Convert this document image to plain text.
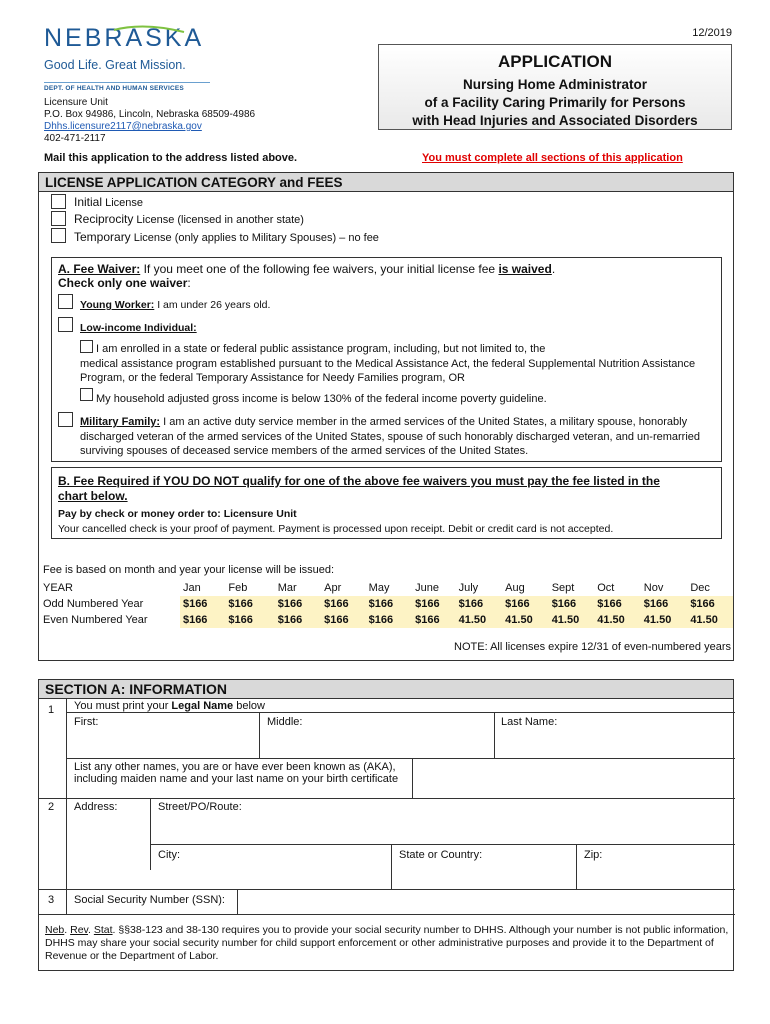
NEBRASKA
Good Life. Great Mission.
DEPT. OF HEALTH AND HUMAN SERVICES
Licensure Unit
P.O. Box 94986, Lincoln, Nebraska 68509-4986
Dhhs.licensure2117@nebraska.gov
402-471-2117
Mail this application to the address listed above.
12/2019
APPLICATION
Nursing Home Administrator
of a Facility Caring Primarily for Persons
with Head Injuries and Associated Disorders
You must complete all sections of this application
LICENSE APPLICATION CATEGORY and FEES
Initial License
Reciprocity License (licensed in another state)
Temporary License (only applies to Military Spouses) – no fee
A. Fee Waiver: If you meet one of the following fee waivers, your initial license fee is waived.
Check only one waiver:
Young Worker: I am under 26 years old.
Low-income Individual:
I am enrolled in a state or federal public assistance program, including, but not limited to, the
medical assistance program established pursuant to the Medical Assistance Act, the federal Supplemental Nutrition Assistance
Program, or the federal Temporary Assistance for Needy Families program, OR
My household adjusted gross income is below 130% of the federal income poverty guideline.
Military Family: I am an active duty service member in the armed services of the United States, a military spouse, honorably
discharged veteran of the armed services of the United States, spouse of such honorably discharged veteran, and un-remarried
surviving spouses of deceased service members of the armed services of the United States.
B. Fee Required if YOU DO NOT qualify for one of the above fee waivers you must pay the fee listed in the
chart below.
Pay by check or money order to: Licensure Unit
Your cancelled check is your proof of payment. Payment is processed upon receipt. Debit or credit card is not accepted.
Fee is based on month and year your license will be issued:
YEAR	Jan	Feb	Mar	Apr	May	June	July	Aug	Sept	Oct	Nov	Dec
Odd Numbered Year	$166	$166	$166	$166	$166	$166	$166	$166	$166	$166	$166	$166
Even Numbered Year	$166	$166	$166	$166	$166	$166	41.50	41.50	41.50	41.50	41.50	41.50
NOTE: All licenses expire 12/31 of even-numbered years
SECTION A: INFORMATION
1 You must print your Legal Name below
First:	Middle:	Last Name:
List any other names, you are or have ever been known as (AKA), including maiden name and your last name on your birth certificate
2 Address:	Street/PO/Route:
City:	State or Country:	Zip:
3 Social Security Number (SSN):
Neb. Rev. Stat. §§38-123 and 38-130 requires you to provide your social security number to DHHS. Although your number is not public information, DHHS may share your social security number for child support enforcement or other administrative purposes and provide it to the Department of Revenue or the Department of Labor.
